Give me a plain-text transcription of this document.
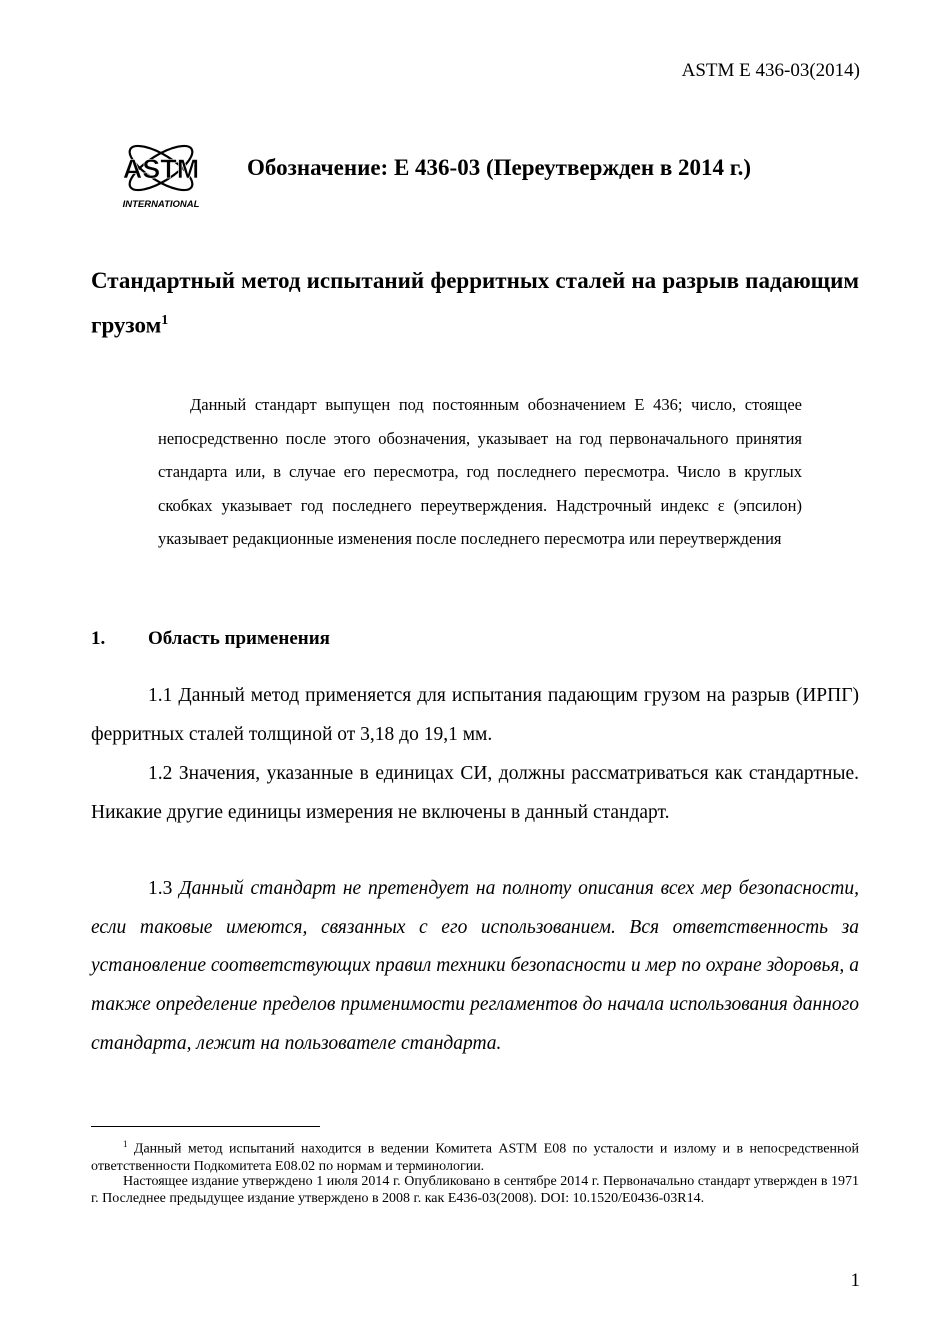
ASTM E 436-03(2014)
ASTM
INTERNATIONAL
Обозначение: E 436-03 (Переутвержден в 2014 г.)
Стандартный метод испытаний ферритных сталей на разрыв падающим грузом$^1$
Данный стандарт выпущен под постоянным обозначением E 436; число, стоящее непосредственно после этого обозначения, указывает на год первоначального принятия стандарта или, в случае его пересмотра, год последнего пересмотра. Число в круглых скобках указывает год последнего переутверждения. Надстрочный индекс ε (эпсилон) указывает редакционные изменения после последнего пересмотра или переутверждения
1. Область применения
1.1 Данный метод применяется для испытания падающим грузом на разрыв (ИРПГ) ферритных сталей толщиной от 3,18 до 19,1 мм.
1.2 Значения, указанные в единицах СИ, должны рассматриваться как стандартные. Никакие другие единицы измерения не включены в данный стандарт.
1.3 Данный стандарт не претендует на полноту описания всех мер безопасности, если таковые имеются, связанных с его использованием. Вся ответственность за установление соответствующих правил техники безопасности и мер по охране здоровья, а также определение пределов применимости регламентов до начала использования данного стандарта, лежит на пользователе стандарта.
$^1$ Данный метод испытаний находится в ведении Комитета ASTM E08 по усталости и излому и в непосредственной ответственности Подкомитета E08.02 по нормам и терминологии.
Настоящее издание утверждено 1 июля 2014 г. Опубликовано в сентябре 2014 г. Первоначально стандарт утвержден в 1971 г. Последнее предыдущее издание утверждено в 2008 г. как E436-03(2008). DOI: 10.1520/E0436-03R14.
1
